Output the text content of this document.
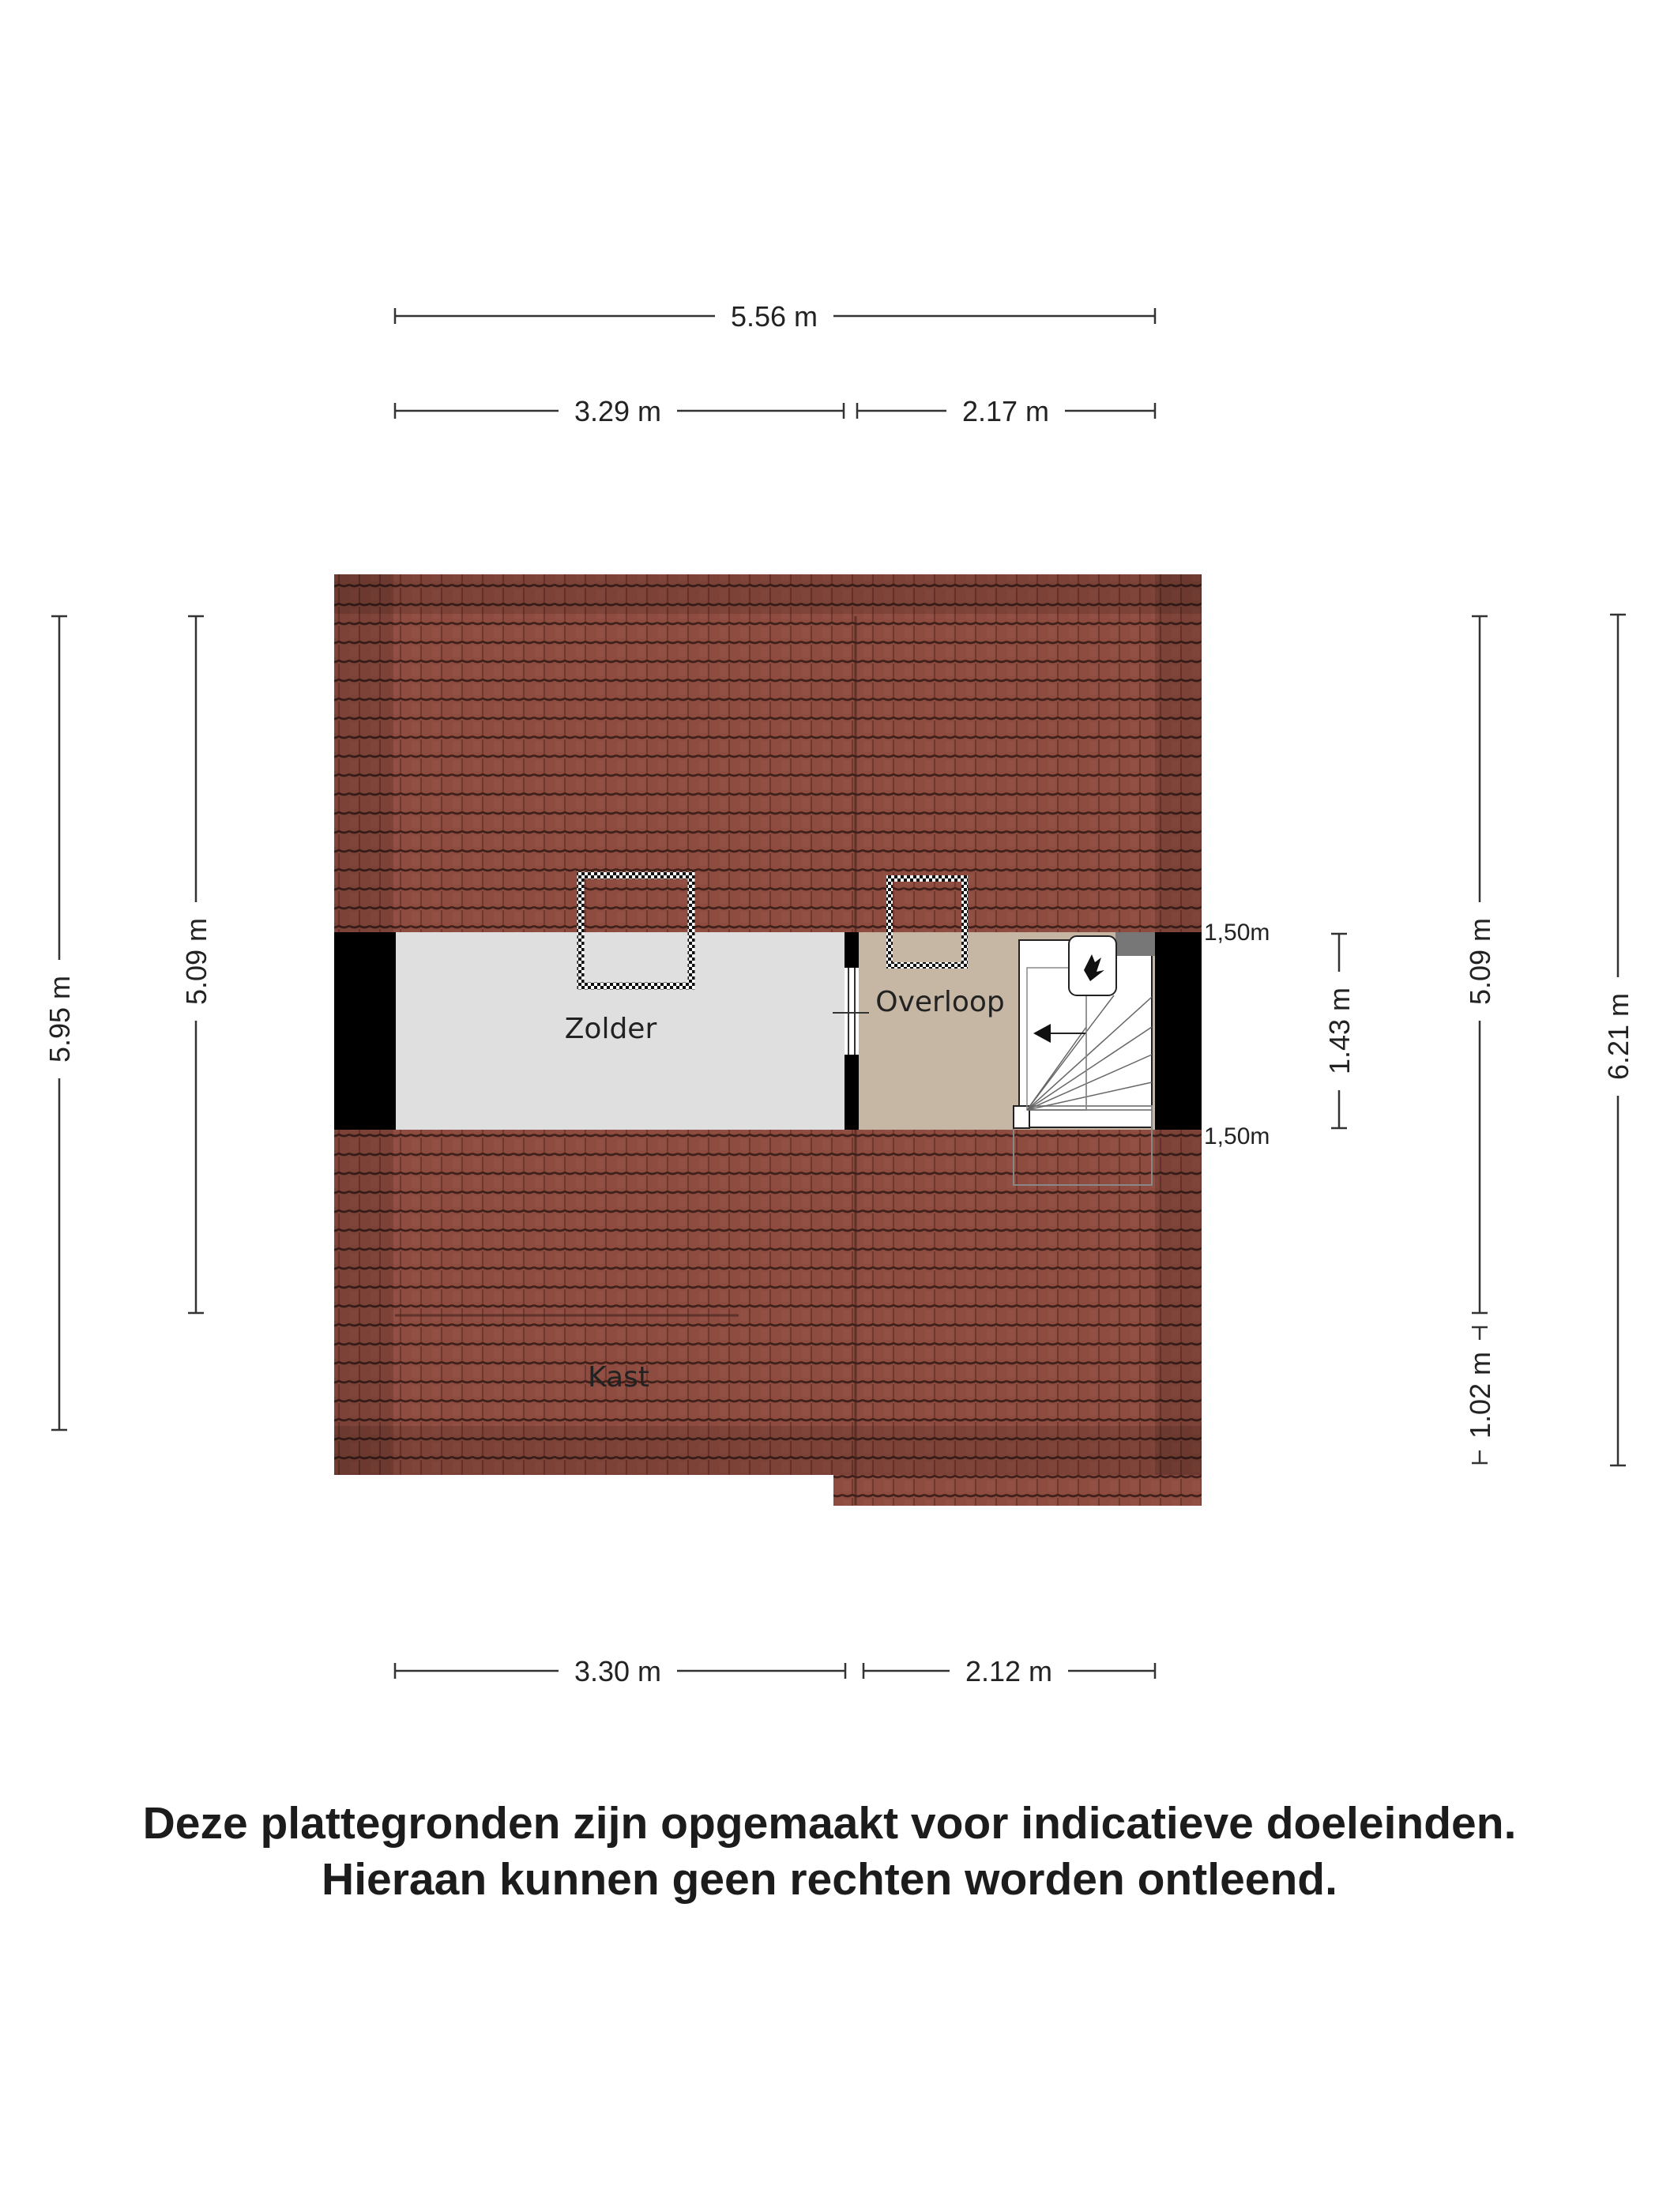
5.56 m
3.29 m	2.17 m
3.30 m	2.12 m
5.95 m
5.09 m
1.43 m
5.09 m
1.02 m
6.21 m
Zolder
Overloop
Kast
1,50m
1,50m
Deze plattegronden zijn opgemaakt voor indicatieve doeleinden.
Hieraan kunnen geen rechten worden ontleend.
